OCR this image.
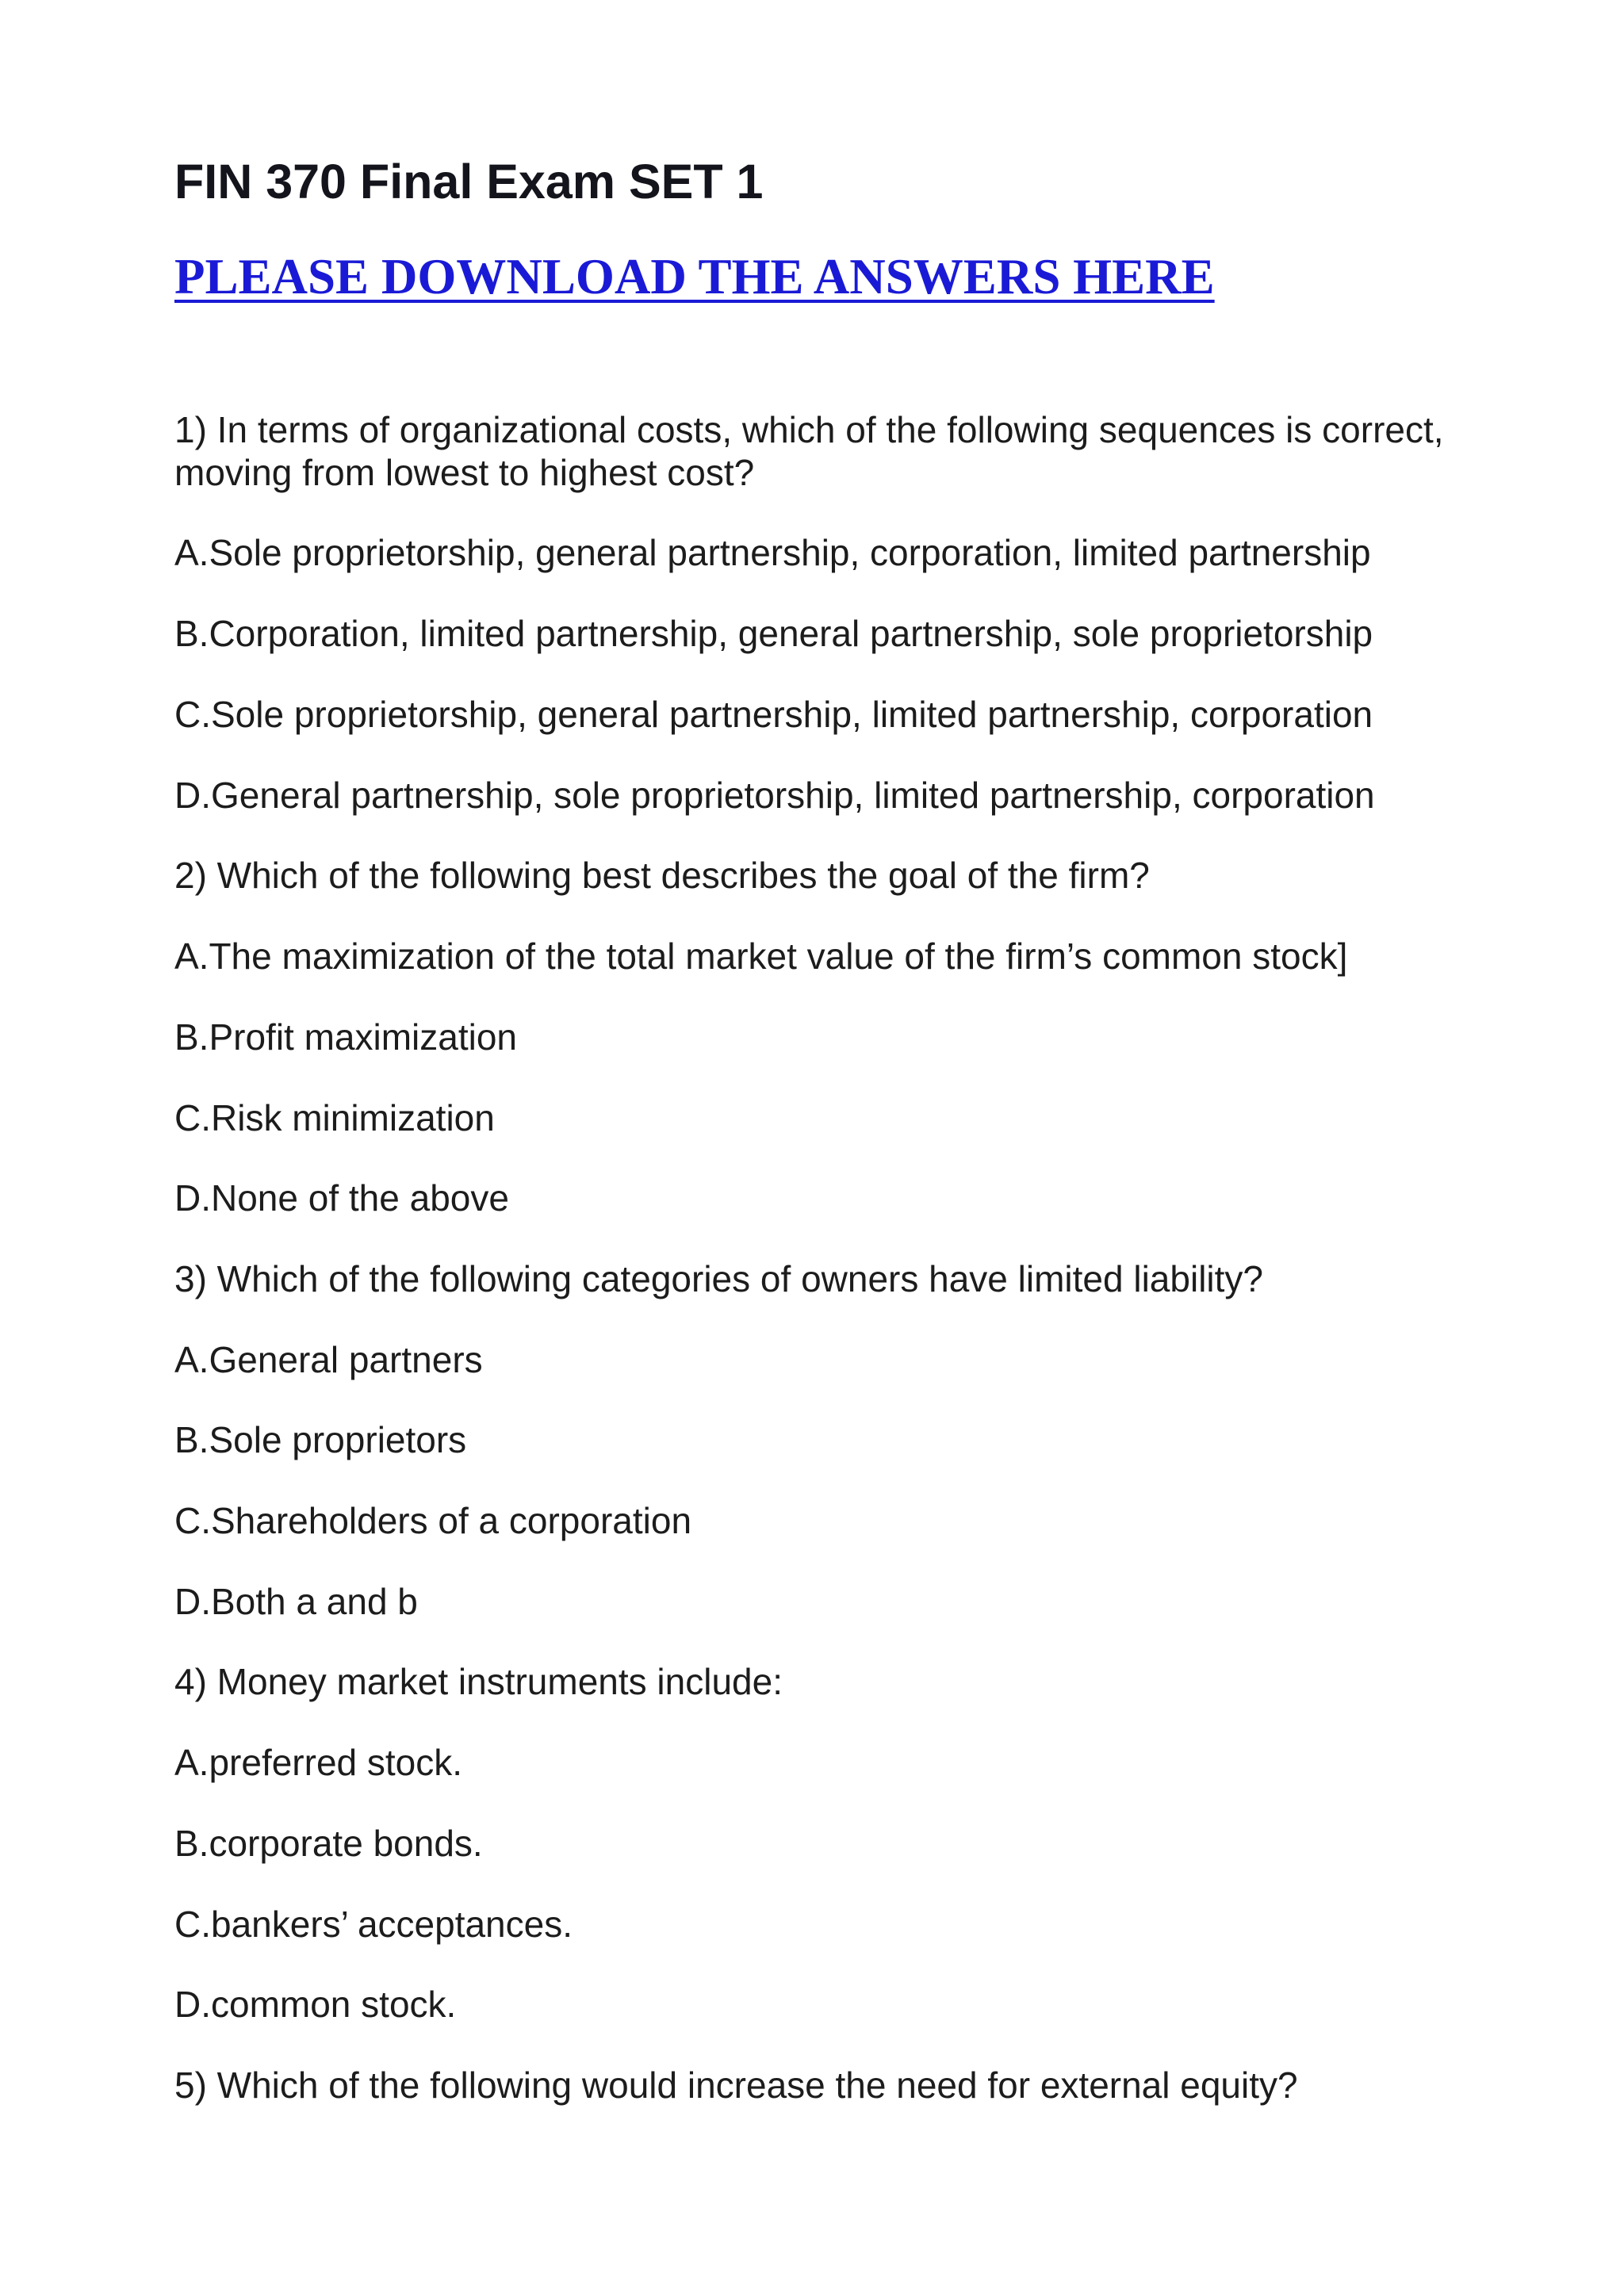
FIN 370 Final Exam SET 1
PLEASE DOWNLOAD THE ANSWERS HERE

1) In terms of organizational costs, which of the following sequences is correct, moving from lowest to highest cost?

A.Sole proprietorship, general partnership, corporation, limited partnership

B.Corporation, limited partnership, general partnership, sole proprietorship

C.Sole proprietorship, general partnership, limited partnership, corporation

D.General partnership, sole proprietorship, limited partnership, corporation

2) Which of the following best describes the goal of the firm?

A.The maximization of the total market value of the firm’s common stock]

B.Profit maximization

C.Risk minimization

D.None of the above

3) Which of the following categories of owners have limited liability?

A.General partners

B.Sole proprietors

C.Shareholders of a corporation

D.Both a and b

4) Money market instruments include:

A.preferred stock.

B.corporate bonds.

C.bankers’ acceptances.

D.common stock.

5) Which of the following would increase the need for external equity?
